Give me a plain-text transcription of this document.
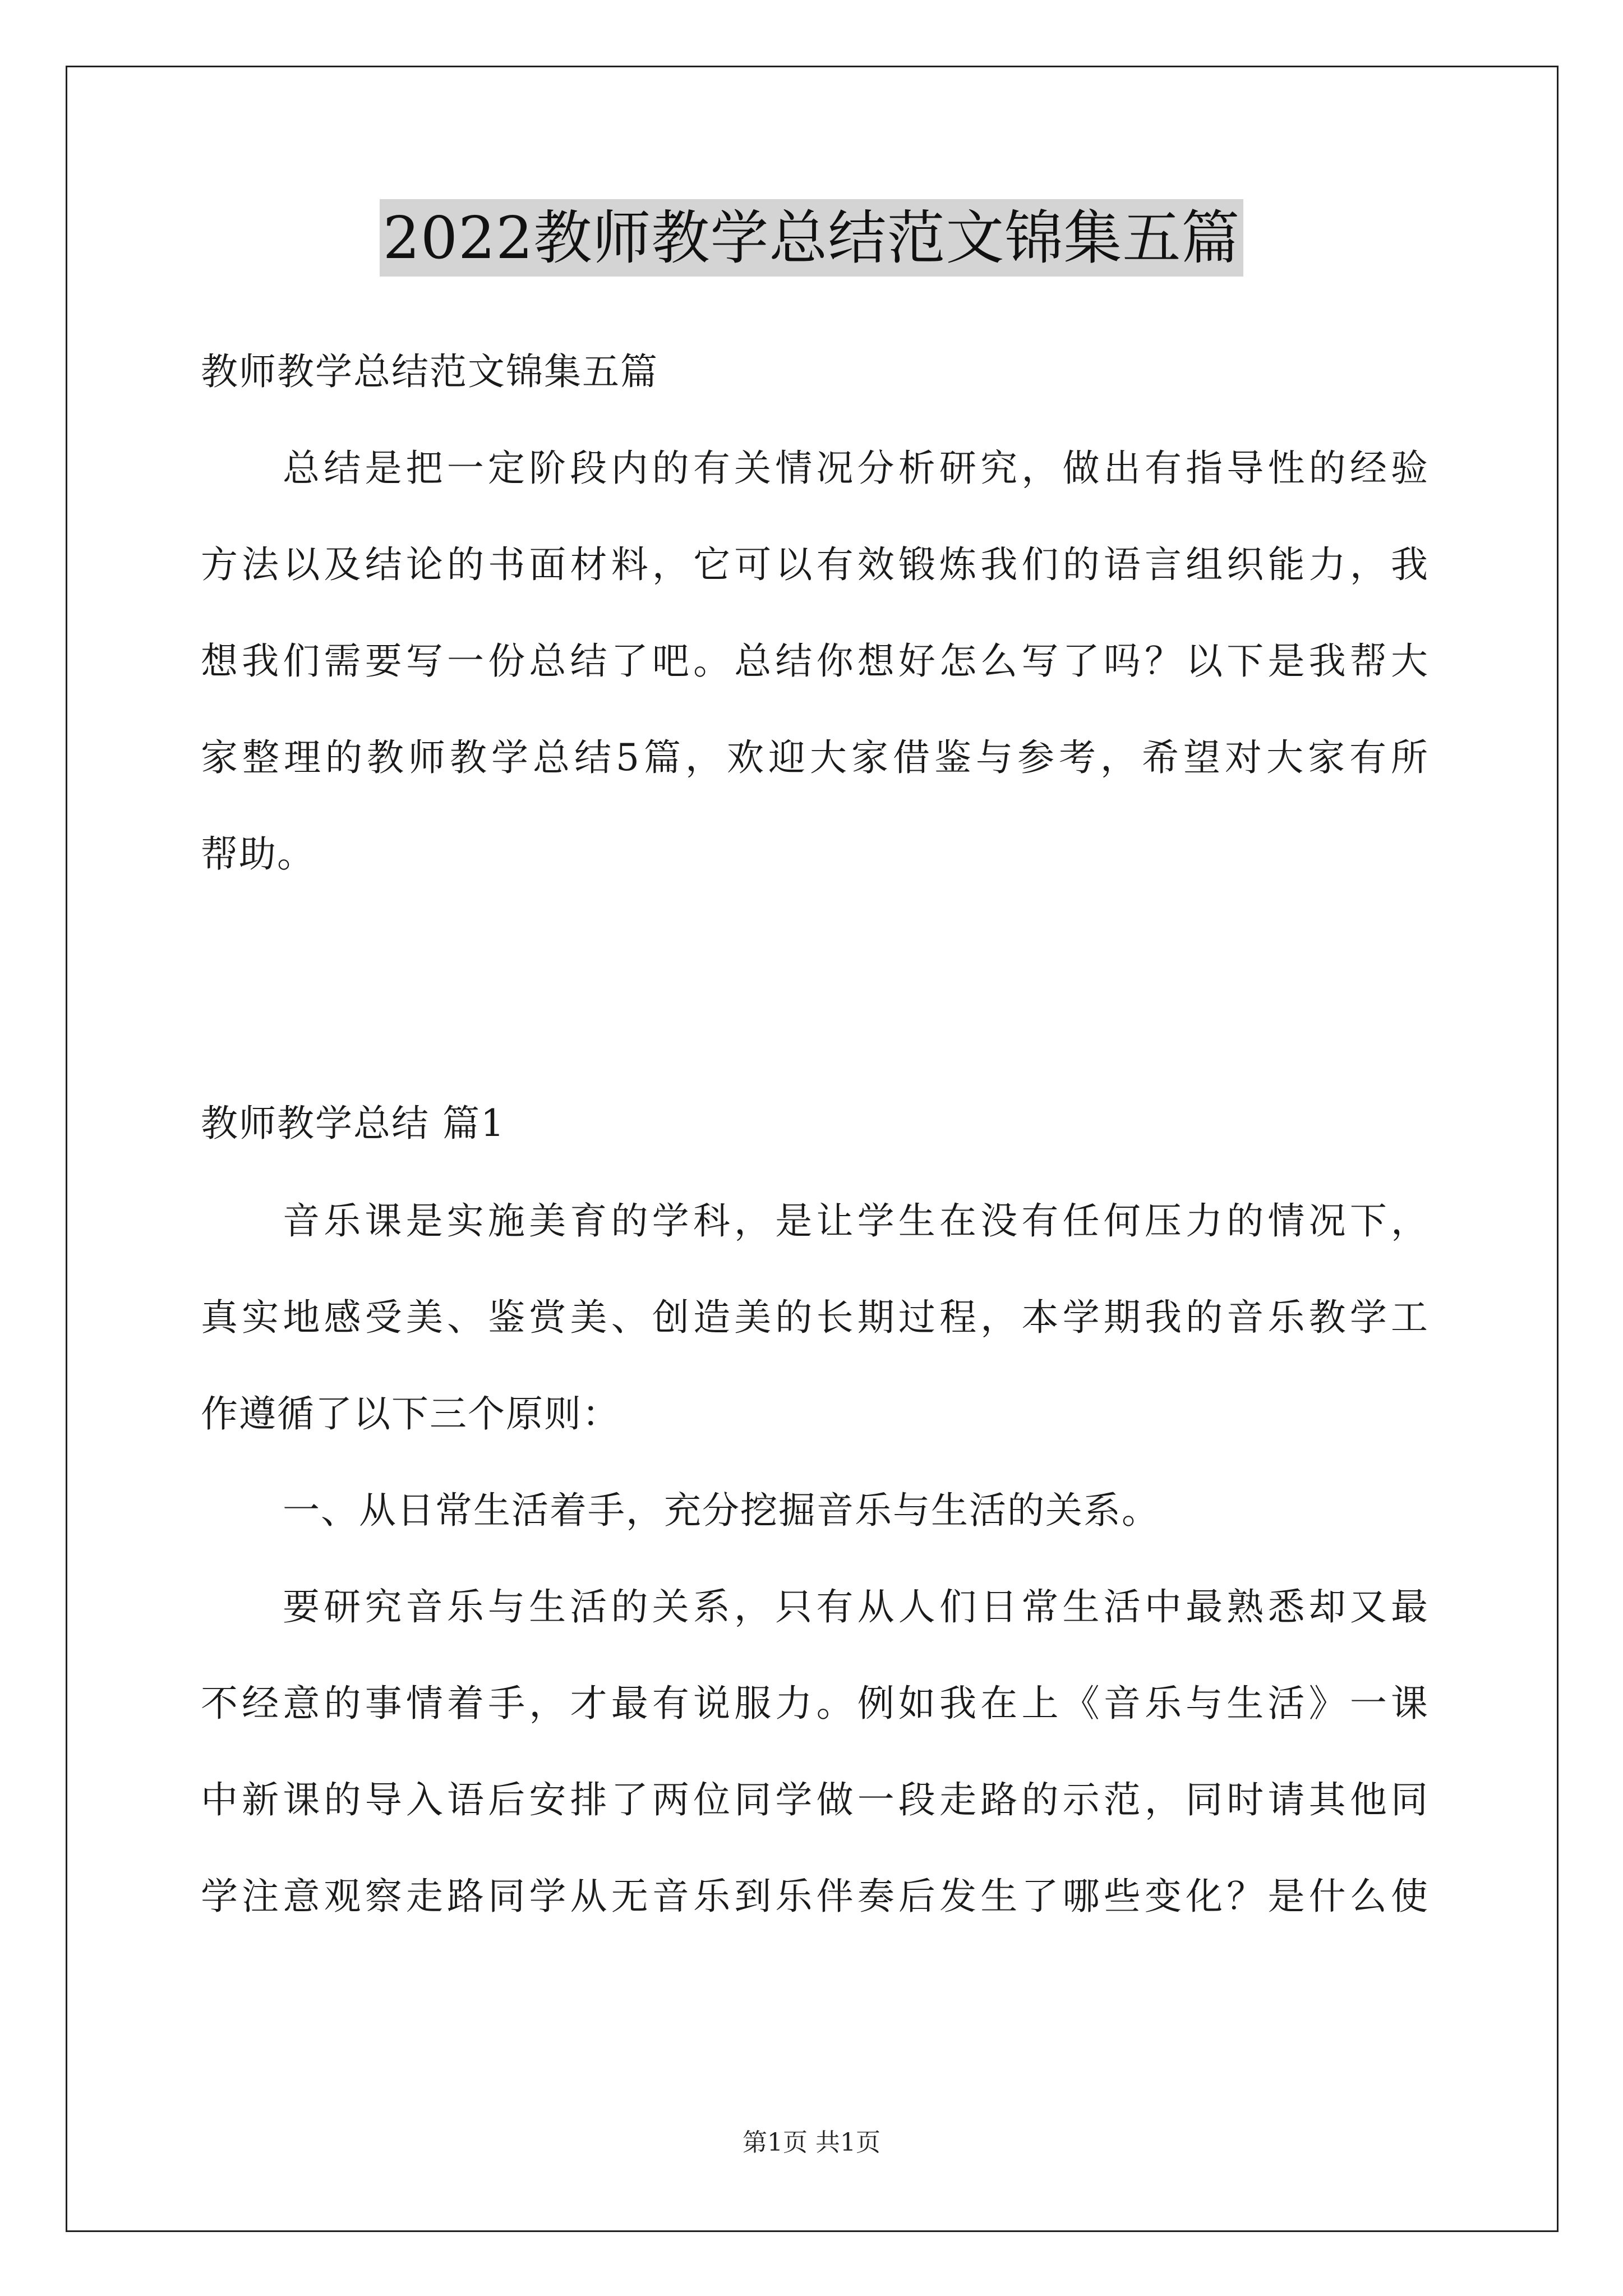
2022教师教学总结范文锦集五篇
教师教学总结范文锦集五篇
总结是把一定阶段内的有关情况分析研究，做出有指导性的经验
方法以及结论的书面材料，它可以有效锻炼我们的语言组织能力，我
想我们需要写一份总结了吧。总结你想好怎么写了吗？以下是我帮大
家整理的教师教学总结5篇，欢迎大家借鉴与参考，希望对大家有所
帮助。
教师教学总结 篇1
音乐课是实施美育的学科，是让学生在没有任何压力的情况下，
真实地感受美、鉴赏美、创造美的长期过程，本学期我的音乐教学工
作遵循了以下三个原则：
一、从日常生活着手，充分挖掘音乐与生活的关系。
要研究音乐与生活的关系，只有从人们日常生活中最熟悉却又最
不经意的事情着手，才最有说服力。例如我在上《音乐与生活》一课
中新课的导入语后安排了两位同学做一段走路的示范，同时请其他同
学注意观察走路同学从无音乐到乐伴奏后发生了哪些变化？是什么使
第1页 共1页
